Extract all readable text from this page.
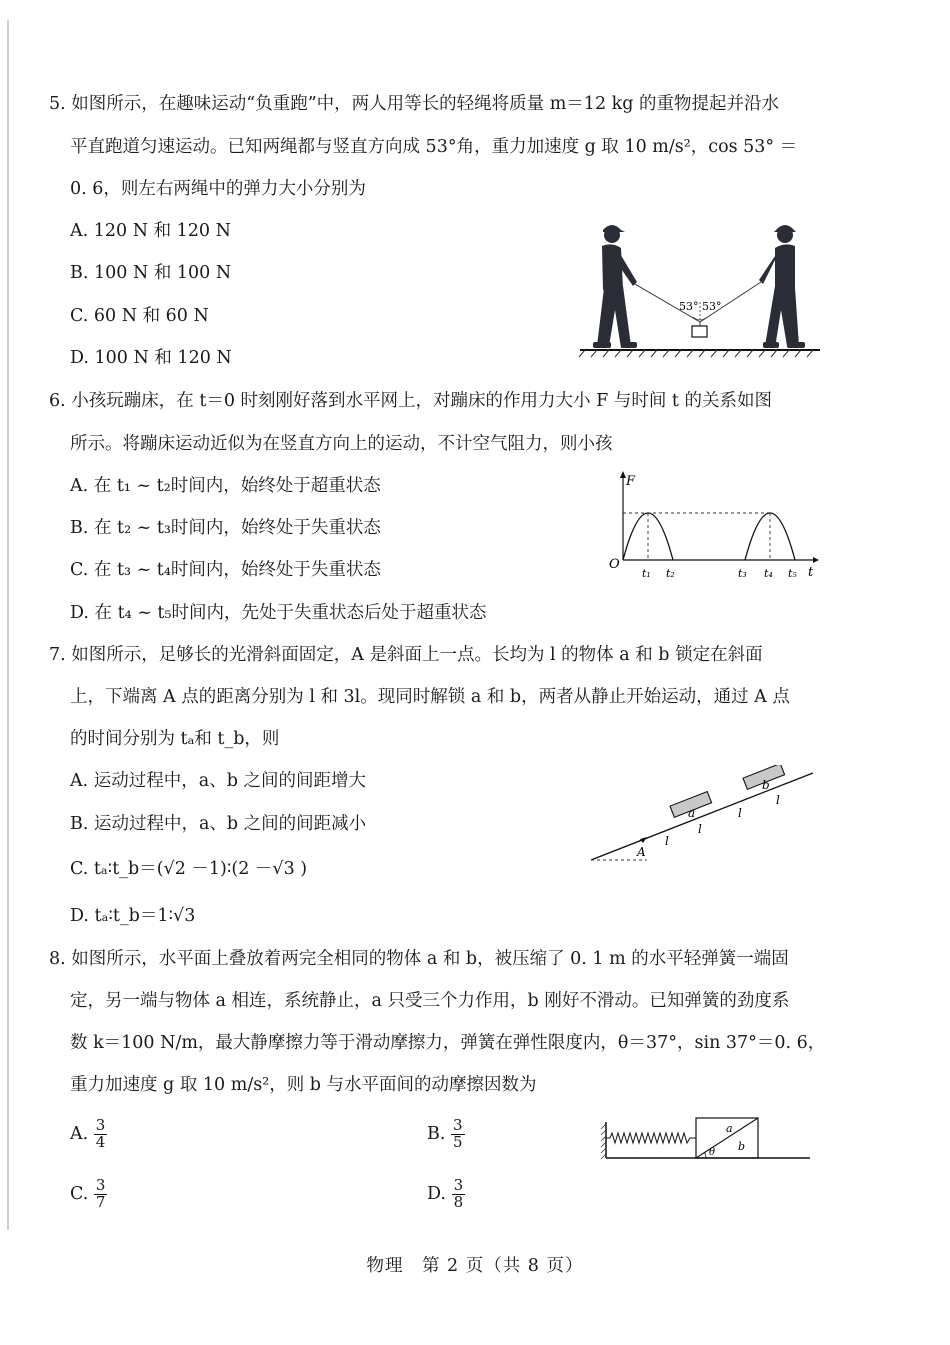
5. 如图所示，在趣味运动“负重跑”中，两人用等长的轻绳将质量 m＝12 kg 的重物提起并沿水
平直跑道匀速运动。已知两绳都与竖直方向成 53°角，重力加速度 g 取 10 m/s²，cos 53° ＝
0. 6，则左右两绳中的弹力大小分别为
A. 120 N 和 120 N
B. 100 N 和 100 N
C. 60 N 和 60 N
D. 100 N 和 120 N
53° 53°
6. 小孩玩蹦床，在 t＝0 时刻刚好落到水平网上，对蹦床的作用力大小 F 与时间 t 的关系如图
所示。将蹦床运动近似为在竖直方向上的运动，不计空气阻力，则小孩
A. 在 t₁ ~ t₂时间内，始终处于超重状态
B. 在 t₂ ~ t₃时间内，始终处于失重状态
C. 在 t₃ ~ t₄时间内，始终处于失重状态
D. 在 t₄ ~ t₅时间内，先处于失重状态后处于超重状态
F
O
t
t₁ t₂	t₃ t₄ t₅
7. 如图所示，足够长的光滑斜面固定，A 是斜面上一点。长均为 l 的物体 a 和 b 锁定在斜面
上，下端离 A 点的距离分别为 l 和 3l。现同时解锁 a 和 b，两者从静止开始运动，通过 A 点
的时间分别为 tₐ和 t_b，则
A. 运动过程中，a、b 之间的间距增大
B. 运动过程中，a、b 之间的间距减小
C. tₐ∶t_b＝(√2 －1)∶(2 －√3 )
D. tₐ∶t_b＝1∶√3
A
a
b
l
l
l
l
8. 如图所示，水平面上叠放着两完全相同的物体 a 和 b，被压缩了 0. 1 m 的水平轻弹簧一端固
定，另一端与物体 a 相连，系统静止，a 只受三个力作用，b 刚好不滑动。已知弹簧的劲度系
数 k＝100 N/m，最大静摩擦力等于滑动摩擦力，弹簧在弹性限度内，θ＝37°，sin 37°＝0. 6，
重力加速度 g 取 10 m/s²，则 b 与水平面间的动摩擦因数为
A. $\frac{3}{4}$	B. $\frac{3}{5}$
C. $\frac{3}{7}$	D. $\frac{3}{8}$
a
b
θ
物理　第 2 页（共 8 页）
